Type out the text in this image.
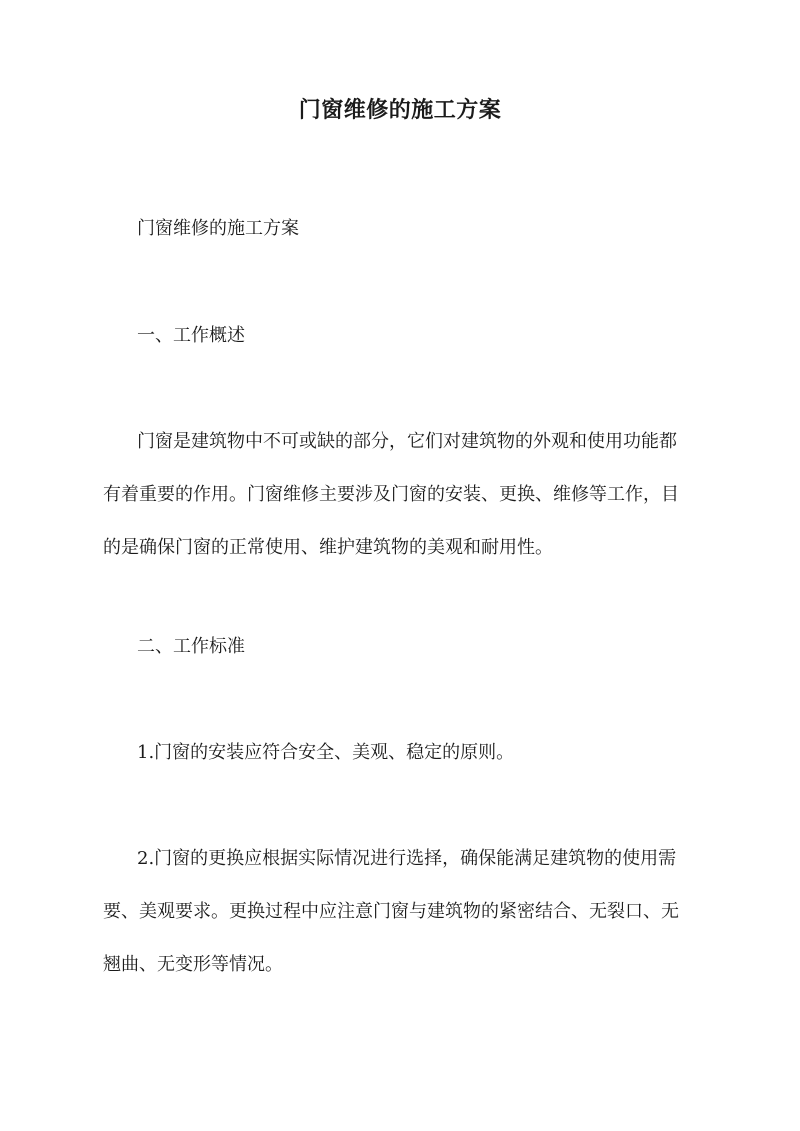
门窗维修的施工方案

门窗维修的施工方案

一、工作概述

门窗是建筑物中不可或缺的部分，它们对建筑物的外观和使用功能都
有着重要的作用。门窗维修主要涉及门窗的安装、更换、维修等工作，目
的是确保门窗的正常使用、维护建筑物的美观和耐用性。

二、工作标准

1.门窗的安装应符合安全、美观、稳定的原则。

2.门窗的更换应根据实际情况进行选择，确保能满足建筑物的使用需
要、美观要求。更换过程中应注意门窗与建筑物的紧密结合、无裂口、无
翘曲、无变形等情况。
